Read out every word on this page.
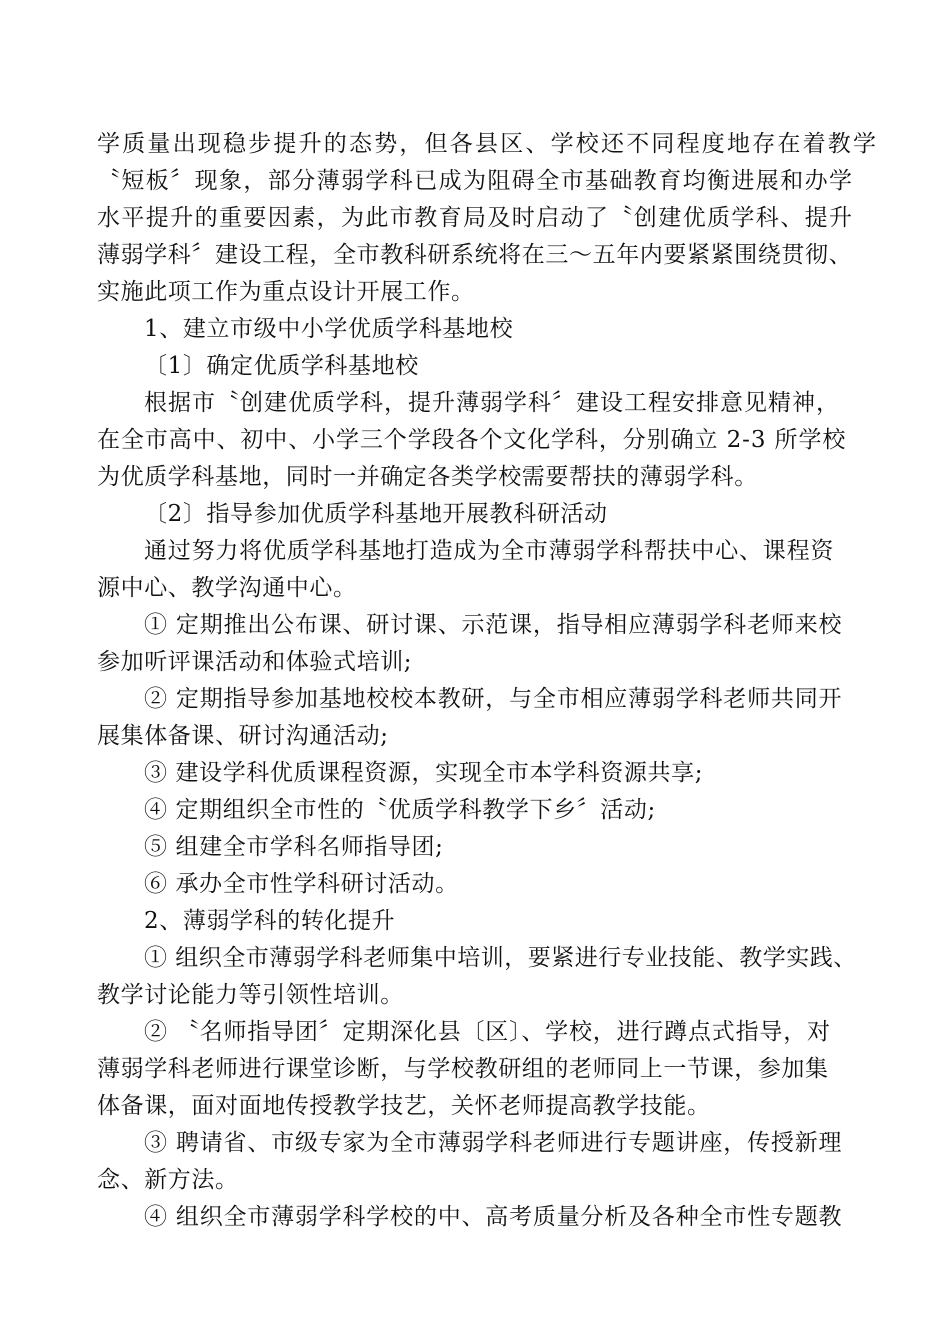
学质量出现稳步提升的态势，但各县区、学校还不同程度地存在着教学
〝短板〞现象，部分薄弱学科已成为阻碍全市基础教育均衡进展和办学
水平提升的重要因素，为此市教育局及时启动了〝创建优质学科、提升
薄弱学科〞建设工程，全市教科研系统将在三～五年内要紧紧围绕贯彻、
实施此项工作为重点设计开展工作。
1、建立市级中小学优质学科基地校
〔1〕确定优质学科基地校
根据市〝创建优质学科，提升薄弱学科〞建设工程安排意见精神，
在全市高中、初中、小学三个学段各个文化学科，分别确立 2-3 所学校
为优质学科基地，同时一并确定各类学校需要帮扶的薄弱学科。
〔2〕指导参加优质学科基地开展教科研活动
通过努力将优质学科基地打造成为全市薄弱学科帮扶中心、课程资
源中心、教学沟通中心。
① 定期推出公布课、研讨课、示范课，指导相应薄弱学科老师来校
参加听评课活动和体验式培训;
② 定期指导参加基地校校本教研，与全市相应薄弱学科老师共同开
展集体备课、研讨沟通活动;
③ 建设学科优质课程资源，实现全市本学科资源共享;
④ 定期组织全市性的〝优质学科教学下乡〞活动;
⑤ 组建全市学科名师指导团;
⑥ 承办全市性学科研讨活动。
2、薄弱学科的转化提升
① 组织全市薄弱学科老师集中培训，要紧进行专业技能、教学实践、
教学讨论能力等引领性培训。
② 〝名师指导团〞定期深化县〔区〕、学校，进行蹲点式指导，对
薄弱学科老师进行课堂诊断，与学校教研组的老师同上一节课，参加集
体备课，面对面地传授教学技艺，关怀老师提高教学技能。
③ 聘请省、市级专家为全市薄弱学科老师进行专题讲座，传授新理
念、新方法。
④ 组织全市薄弱学科学校的中、高考质量分析及各种全市性专题教
